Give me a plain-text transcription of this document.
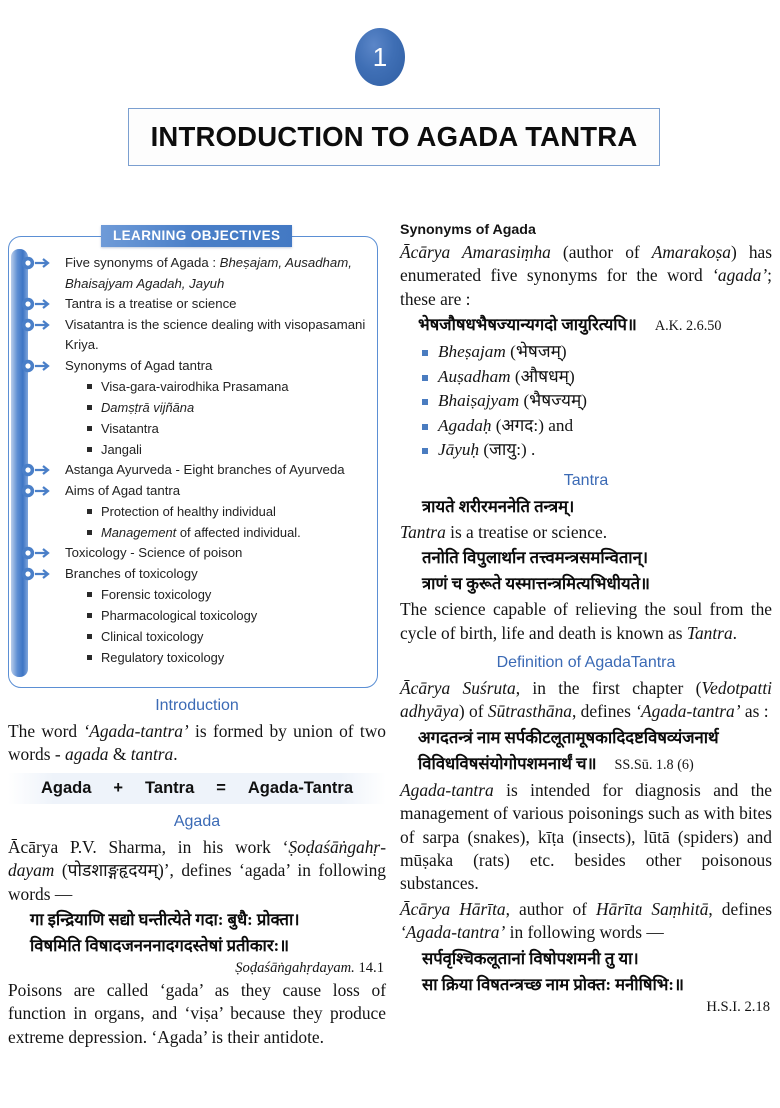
1
INTRODUCTION TO AGADA TANTRA
LEARNING OBJECTIVES
Five synonyms of Agada : Bheṣajam, Ausadham, Bhaisajyam Agadah, Jayuh
Tantra is a treatise or science
Visatantra is the science dealing with visopasamani Kriya.
Synonyms of Agad tantra
Visa-gara-vairodhika Prasamana
Damṣṭrā vijñāna
Visatantra
Jangali
Astanga Ayurveda - Eight branches of Ayurveda
Aims of Agad tantra
Protection of healthy individual
Management of affected individual.
Toxicology - Science of poison
Branches of toxicology
Forensic toxicology
Pharmacological toxicology
Clinical toxicology
Regulatory toxicology
Introduction

The word ‘Agada-tantra’ is formed by union of two words - agada & tantra.

Agada + Tantra = Agada-Tantra
Agada

Ācārya P.V. Sharma, in his work ‘Ṣoḍaśāṅgahṛ-dayam (पोडशाङ्गहृदयम्)’, defines ‘agada’ in following words —

गा इन्द्रियाणि सद्यो घन्तीत्येते गदा: बुधै: प्रोक्ता।
विषमिति विषादजनननादगदस्तेषां प्रतीकार:॥
Ṣoḍaśāṅgahṛdayam. 14.1

Poisons are called ‘gada’ as they cause loss of function in organs, and ‘viṣa’ because they produce extreme depression. ‘Agada’ is their antidote.

Synonyms of Agada

Ācārya Amarasiṃha (author of Amarakoṣa) has enumerated five synonyms for the word ‘agada’; these are :

भेषजौषधभैषज्यान्यगदो जायुरित्यपि॥ A.K. 2.6.50
Bheṣajam (भेषजम्)
Auṣadham (औषधम्)
Bhaiṣajyam (भैषज्यम्)
Agadaḥ (अगद:) and
Jāyuḥ (जायु:) .
Tantra
त्रायते शरीरमननेति तन्त्रम्।

Tantra is a treatise or science.

तनोति विपुलार्थान तत्त्वमन्त्रसमन्वितान्।
त्राणं च कुरूते यस्मात्तन्त्रमित्यभिधीयते॥

The science capable of relieving the soul from the cycle of birth, life and death is known as Tantra.

Definition of AgadaTantra

Ācārya Suśruta, in the first chapter (Vedotpatti adhyāya) of Sūtrasthāna, defines ‘Agada-tantra’ as :

अगदतन्त्रं नाम सर्पकीटलूतामूषकादिदष्टविषव्यंजनार्थ
विविधविषसंयोगोपशमनार्थं च॥ SS.Sū. 1.8 (6)

Agada-tantra is intended for diagnosis and the management of various poisonings such as with bites of sarpa (snakes), kīṭa (insects), lūtā (spiders) and mūṣaka (rats) etc. besides other poisonous substances.

Ācārya Hārīta, author of Hārīta Saṃhitā, defines ‘Agada-tantra’ in following words —

सर्पवृश्चिकलूतानां विषोपशमनी तु या।
सा क्रिया विषतन्त्रच्छ नाम प्रोक्त: मनीषिभि:॥
H.S.I. 2.18
